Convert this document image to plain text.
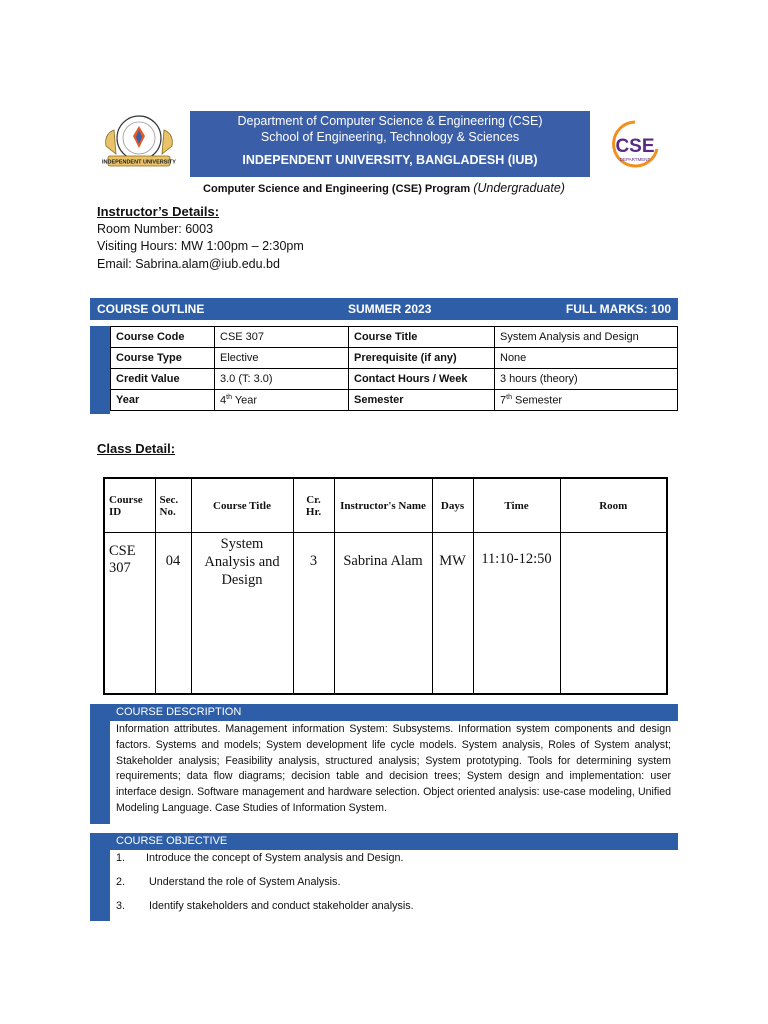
INDEPENDENT UNIVERSITY
Department of Computer Science & Engineering (CSE)
School of Engineering, Technology & Sciences
INDEPENDENT UNIVERSITY, BANGLADESH (IUB)
CSE
DEPARTMENT
Computer Science and Engineering (CSE) Program (Undergraduate)
Instructor’s Details:
Room Number: 6003
Visiting Hours: MW 1:00pm – 2:30pm
Email: Sabrina.alam@iub.edu.bd
COURSE OUTLINE	SUMMER 2023	FULL MARKS: 100
Course Code	CSE 307	Course Title	System Analysis and Design
Course Type	Elective	Prerequisite (if any)	None
Credit Value	3.0 (T: 3.0)	Contact Hours / Week	3 hours (theory)
Year	4th Year	Semester	7th Semester
Class Detail:
Course ID	Sec. No.	Course Title	Cr. Hr.	Instructor's Name	Days	Time	Room
CSE 307	04	System Analysis and Design	3	Sabrina Alam	MW	11:10-12:50	
COURSE DESCRIPTION
Information attributes. Management information System: Subsystems. Information system components and design factors. Systems and models; System development life cycle models. System analysis, Roles of System analyst; Stakeholder analysis; Feasibility analysis, structured analysis; System prototyping. Tools for determining system requirements; data flow diagrams; decision table and decision trees; System design and implementation: user interface design. Software management and hardware selection. Object oriented analysis: use-case modeling, Unified Modeling Language. Case Studies of Information System.
COURSE OBJECTIVE
1. Introduce the concept of System analysis and Design.
2. Understand the role of System Analysis.
3. Identify stakeholders and conduct stakeholder analysis.
